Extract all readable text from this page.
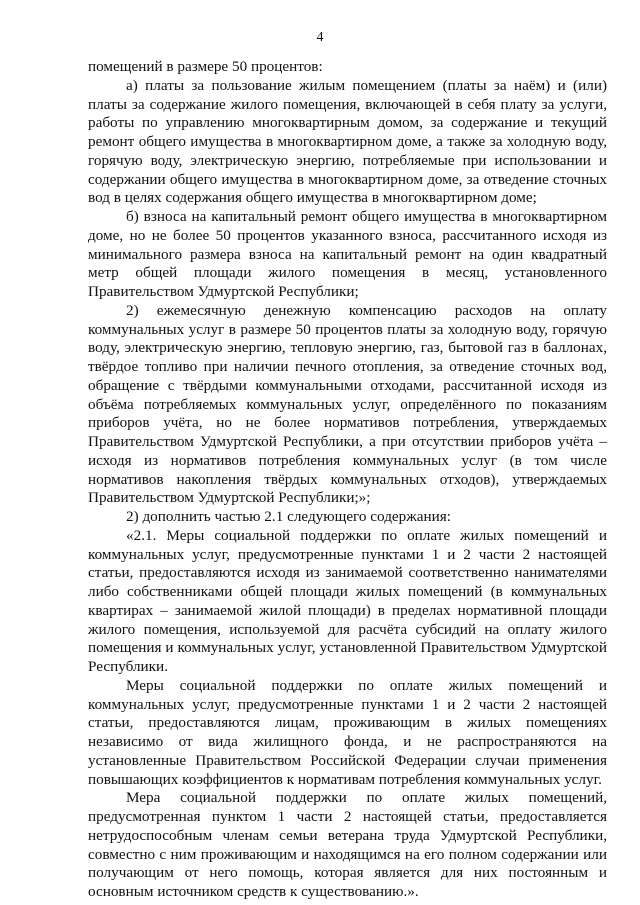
4

помещений в размере 50 процентов:

а) платы за пользование жилым помещением (платы за наём) и (или) платы за содержание жилого помещения, включающей в себя плату за услуги, работы по управлению многоквартирным домом, за содержание и текущий ремонт общего имущества в многоквартирном доме, а также за холодную воду, горячую воду, электрическую энергию, потребляемые при использовании и содержании общего имущества в многоквартирном доме, за отведение сточных вод в целях содержания общего имущества в многоквартирном доме;

б) взноса на капитальный ремонт общего имущества в многоквартирном доме, но не более 50 процентов указанного взноса, рассчитанного исходя из минимального размера взноса на капитальный ремонт на один квадратный метр общей площади жилого помещения в месяц, установленного Правительством Удмуртской Республики;

2) ежемесячную денежную компенсацию расходов на оплату коммунальных услуг в размере 50 процентов платы за холодную воду, горячую воду, электрическую энергию, тепловую энергию, газ, бытовой газ в баллонах, твёрдое топливо при наличии печного отопления, за отведение сточных вод, обращение с твёрдыми коммунальными отходами, рассчитанной исходя из объёма потребляемых коммунальных услуг, определённого по показаниям приборов учёта, но не более нормативов потребления, утверждаемых Правительством Удмуртской Республики, а при отсутствии приборов учёта – исходя из нормативов потребления коммунальных услуг (в том числе нормативов накопления твёрдых коммунальных отходов), утверждаемых Правительством Удмуртской Республики;»;

2) дополнить частью 2.1 следующего содержания:

«2.1. Меры социальной поддержки по оплате жилых помещений и коммунальных услуг, предусмотренные пунктами 1 и 2 части 2 настоящей статьи, предоставляются исходя из занимаемой соответственно нанимателями либо собственниками общей площади жилых помещений (в коммунальных квартирах – занимаемой жилой площади) в пределах нормативной площади жилого помещения, используемой для расчёта субсидий на оплату жилого помещения и коммунальных услуг, установленной Правительством Удмуртской Республики.

Меры социальной поддержки по оплате жилых помещений и коммунальных услуг, предусмотренные пунктами 1 и 2 части 2 настоящей статьи, предоставляются лицам, проживающим в жилых помещениях независимо от вида жилищного фонда, и не распространяются на установленные Правительством Российской Федерации случаи применения повышающих коэффициентов к нормативам потребления коммунальных услуг.

Мера социальной поддержки по оплате жилых помещений, предусмотренная пунктом 1 части 2 настоящей статьи, предоставляется нетрудоспособным членам семьи ветерана труда Удмуртской Республики, совместно с ним проживающим и находящимся на его полном содержании или получающим от него помощь, которая является для них постоянным и основным источником средств к существованию.».
